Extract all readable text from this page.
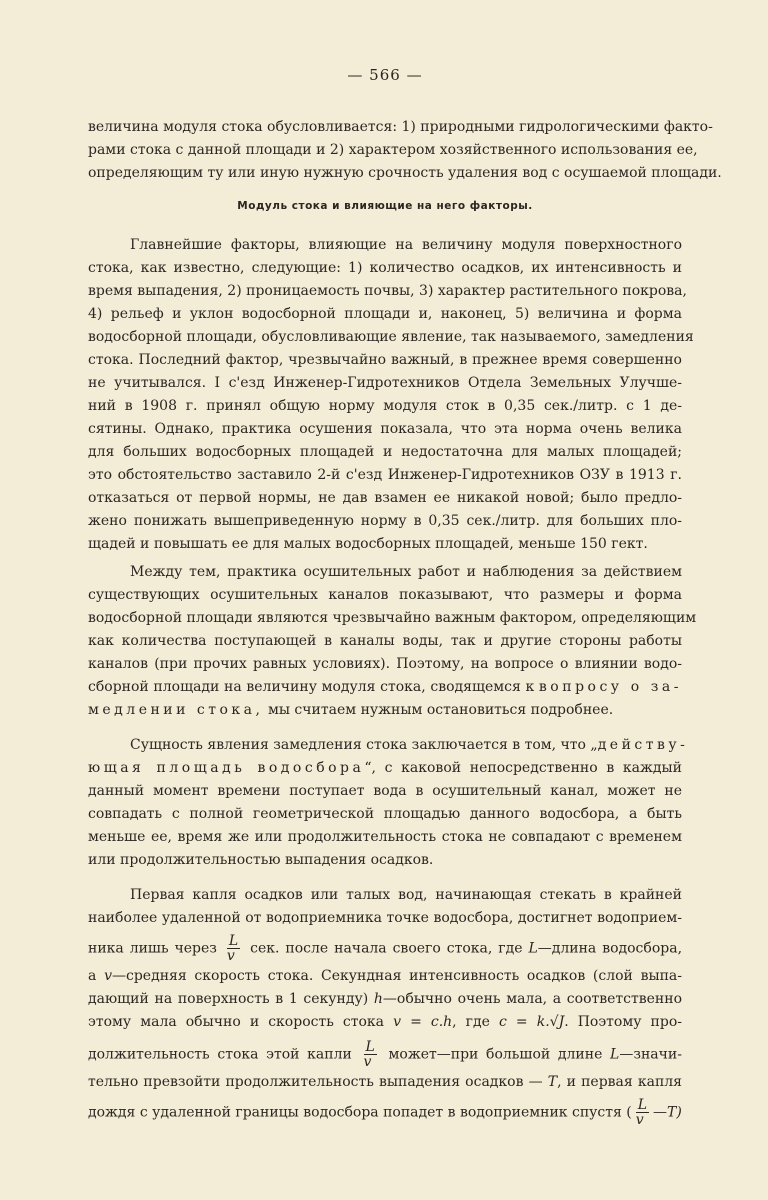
— 566 —
величина модуля стока обусловливается: 1) природными гидрологическими факто-
рами стока с данной площади и 2) характером хозяйственного использования ее,
определяющим ту или иную нужную срочность удаления вод с осушаемой площади.
Модуль стока и влияющие на него факторы.
Главнейшие факторы, влияющие на величину модуля поверхностного
стока, как известно, следующие: 1) количество осадков, их интенсивность и
время выпадения, 2) проницаемость почвы, 3) характер растительного покрова,
4) рельеф и уклон водосборной площади и, наконец, 5) величина и форма
водосборной площади, обусловливающие явление, так называемого, замедления
стока. Последний фактор, чрезвычайно важный, в прежнее время совершенно
не учитывался. I с'езд Инженер-Гидротехников Отдела Земельных Улучше-
ний в 1908 г. принял общую норму модуля сток в 0,35 сек./литр. с 1 де-
сятины. Однако, практика осушения показала, что эта норма очень велика
для больших водосборных площадей и недостаточна для малых площадей;
это обстоятельство заставило 2-й с'езд Инженер-Гидротехников ОЗУ в 1913 г.
отказаться от первой нормы, не дав взамен ее никакой новой; было предло-
жено понижать вышеприведенную норму в 0,35 сек./литр. для больших пло-
щадей и повышать ее для малых водосборных площадей, меньше 150 гект.
Между тем, практика осушительных работ и наблюдения за действием
существующих осушительных каналов показывают, что размеры и форма
водосборной площади являются чрезвычайно важным фактором, определяющим
как количества поступающей в каналы воды, так и другие стороны работы
каналов (при прочих равных условиях). Поэтому, на вопросе о влиянии водо-
сборной площади на величину модуля стока, сводящемся к вопросу о за-
медлении стока, мы считаем нужным остановиться подробнее.
Сущность явления замедления стока заключается в том, что „действу-
ющая площадь водосбора“, с каковой непосредственно в каждый
данный момент времени поступает вода в осушительный канал, может не
совпадать с полной геометрической площадью данного водосбора, а быть
меньше ее, время же или продолжительность стока не совпадают с временем
или продолжительностью выпадения осадков.
Первая капля осадков или талых вод, начинающая стекать в крайней
наиболее удаленной от водоприемника точке водосбора, достигнет водоприем-
ника лишь через $\frac{L}{v}$ сек. после начала своего стока, где L—длина водосбора,
а v—средняя скорость стока. Секундная интенсивность осадков (слой выпа-
дающий на поверхность в 1 секунду) h—обычно очень мала, а соответственно
этому мала обычно и скорость стока v = c.h, где c = k.√J. Поэтому про-
должительность стока этой капли $\frac{L}{v}$ может—при большой длине L—значи-
тельно превзойти продолжительность выпадения осадков — T, и первая капля
дождя с удаленной границы водосбора попадет в водоприемник спустя ( $\frac{L}{v}$ —T)
